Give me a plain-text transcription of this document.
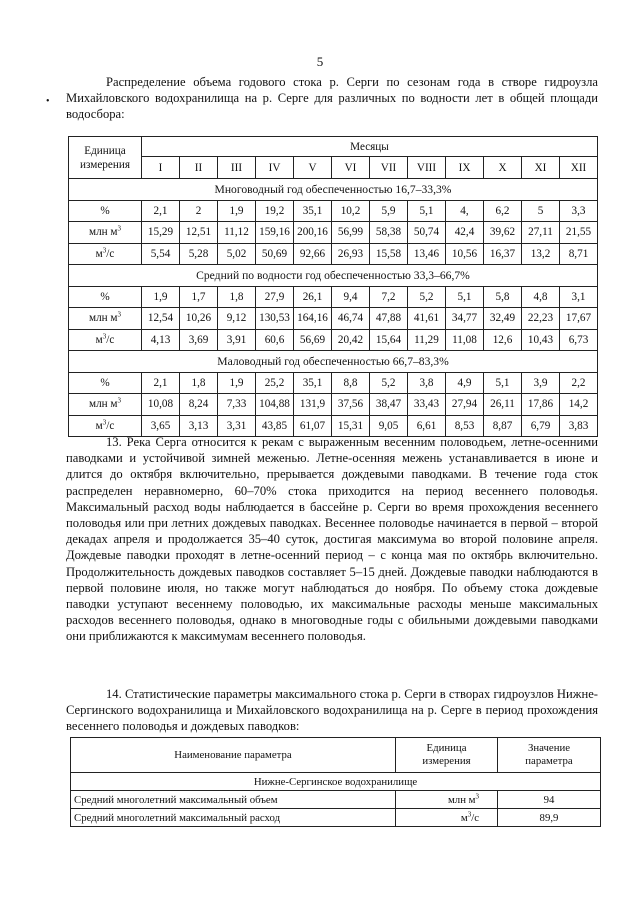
5
•
Распределение объема годового стока р. Серги по сезонам года в створе гидроузла Михайловского водохранилища на р. Серге для различных по водности лет в общей площади водосбора:
Единица измерения	Месяцы											
	I	II	III	IV	V	VI	VII	VIII	IX	X	XI	XII
Многоводный год обеспеченностью 16,7–33,3%												
%	2,1	2	1,9	19,2	35,1	10,2	5,9	5,1	4,	6,2	5	3,3
млн $м^3$	15,29	12,51	11,12	159,16	200,16	56,99	58,38	50,74	42,4	39,62	27,11	21,55
$м^3/с$	5,54	5,28	5,02	50,69	92,66	26,93	15,58	13,46	10,56	16,37	13,2	8,71
Средний по водности год обеспеченностью 33,3–66,7%												
%	1,9	1,7	1,8	27,9	26,1	9,4	7,2	5,2	5,1	5,8	4,8	3,1
млн $м^3$	12,54	10,26	9,12	130,53	164,16	46,74	47,88	41,61	34,77	32,49	22,23	17,67
$м^3/с$	4,13	3,69	3,91	60,6	56,69	20,42	15,64	11,29	11,08	12,6	10,43	6,73
Маловодный год обеспеченностью 66,7–83,3%												
%	2,1	1,8	1,9	25,2	35,1	8,8	5,2	3,8	4,9	5,1	3,9	2,2
млн $м^3$	10,08	8,24	7,33	104,88	131,9	37,56	38,47	33,43	27,94	26,11	17,86	14,2
$м^3/с$	3,65	3,13	3,31	43,85	61,07	15,31	9,05	6,61	8,53	8,87	6,79	3,83
13. Река Серга относится к рекам с выраженным весенним половодьем, летне-осенними паводками и устойчивой зимней меженью. Летне-осенняя межень устанавливается в июне и длится до октября включительно, прерывается дождевыми паводками. В течение года сток распределен неравномерно, 60–70% стока приходится на период весеннего половодья. Максимальный расход воды наблюдается в бассейне р. Серги во время прохождения весеннего половодья или при летних дождевых паводках. Весеннее половодье начинается в первой – второй декадах апреля и продолжается 35–40 суток, достигая максимума во второй половине апреля. Дождевые паводки проходят в летне-осенний период – с конца мая по октябрь включительно. Продолжительность дождевых паводков составляет 5–15 дней. Дождевые паводки наблюдаются в первой половине июля, но также могут наблюдаться до ноября. По объему стока дождевые паводки уступают весеннему половодью, их максимальные расходы меньше максимальных расходов весеннего половодья, однако в многоводные годы с обильными дождевыми паводками они приближаются к максимумам весеннего половодья.
14. Статистические параметры максимального стока р. Серги в створах гидроузлов Нижне-Сергинского водохранилища и Михайловского водохранилища на р. Серге в период прохождения весеннего половодья и дождевых паводков:
Наименование параметра	Единица измерения	Значение параметра
Нижне-Сергинское водохранилище		
Средний многолетний максимальный объем	млн $м^3$	94
Средний многолетний максимальный расход	$м^3/с$	89,9
